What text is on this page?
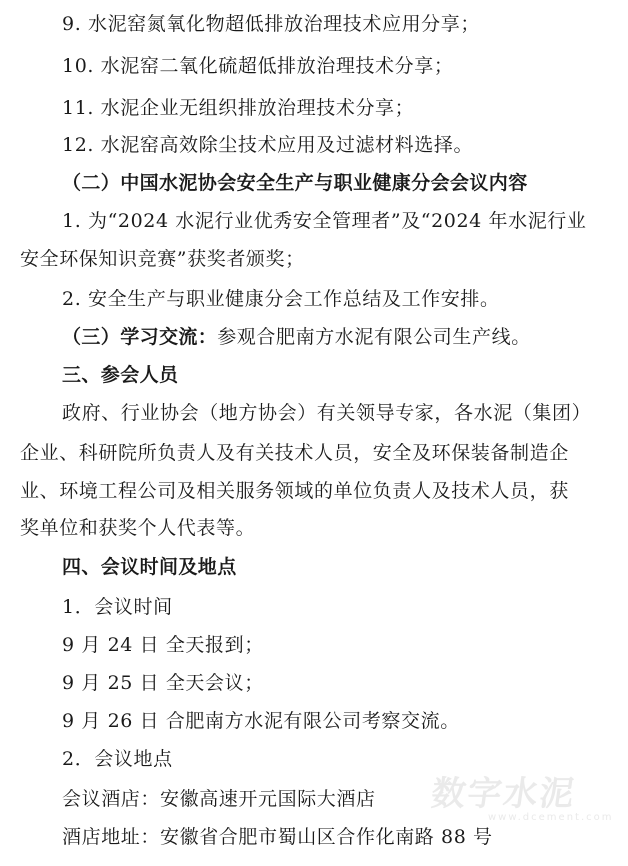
9. 水泥窑氮氧化物超低排放治理技术应用分享；
10. 水泥窑二氧化硫超低排放治理技术分享；
11. 水泥企业无组织排放治理技术分享；
12. 水泥窑高效除尘技术应用及过滤材料选择。
（二）中国水泥协会安全生产与职业健康分会会议内容
1. 为“2024 水泥行业优秀安全管理者”及“2024 年水泥行业
安全环保知识竞赛”获奖者颁奖；
2. 安全生产与职业健康分会工作总结及工作安排。
（三）学习交流：参观合肥南方水泥有限公司生产线。
三、参会人员
政府、行业协会（地方协会）有关领导专家，各水泥（集团）
企业、科研院所负责人及有关技术人员，安全及环保装备制造企
业、环境工程公司及相关服务领域的单位负责人及技术人员，获
奖单位和获奖个人代表等。
四、会议时间及地点
1．会议时间
9 月 24 日 全天报到；
9 月 25 日 全天会议；
9 月 26 日 合肥南方水泥有限公司考察交流。
2．会议地点
会议酒店：安徽高速开元国际大酒店
酒店地址：安徽省合肥市蜀山区合作化南路 88 号
数字水泥
www.dcement.com
